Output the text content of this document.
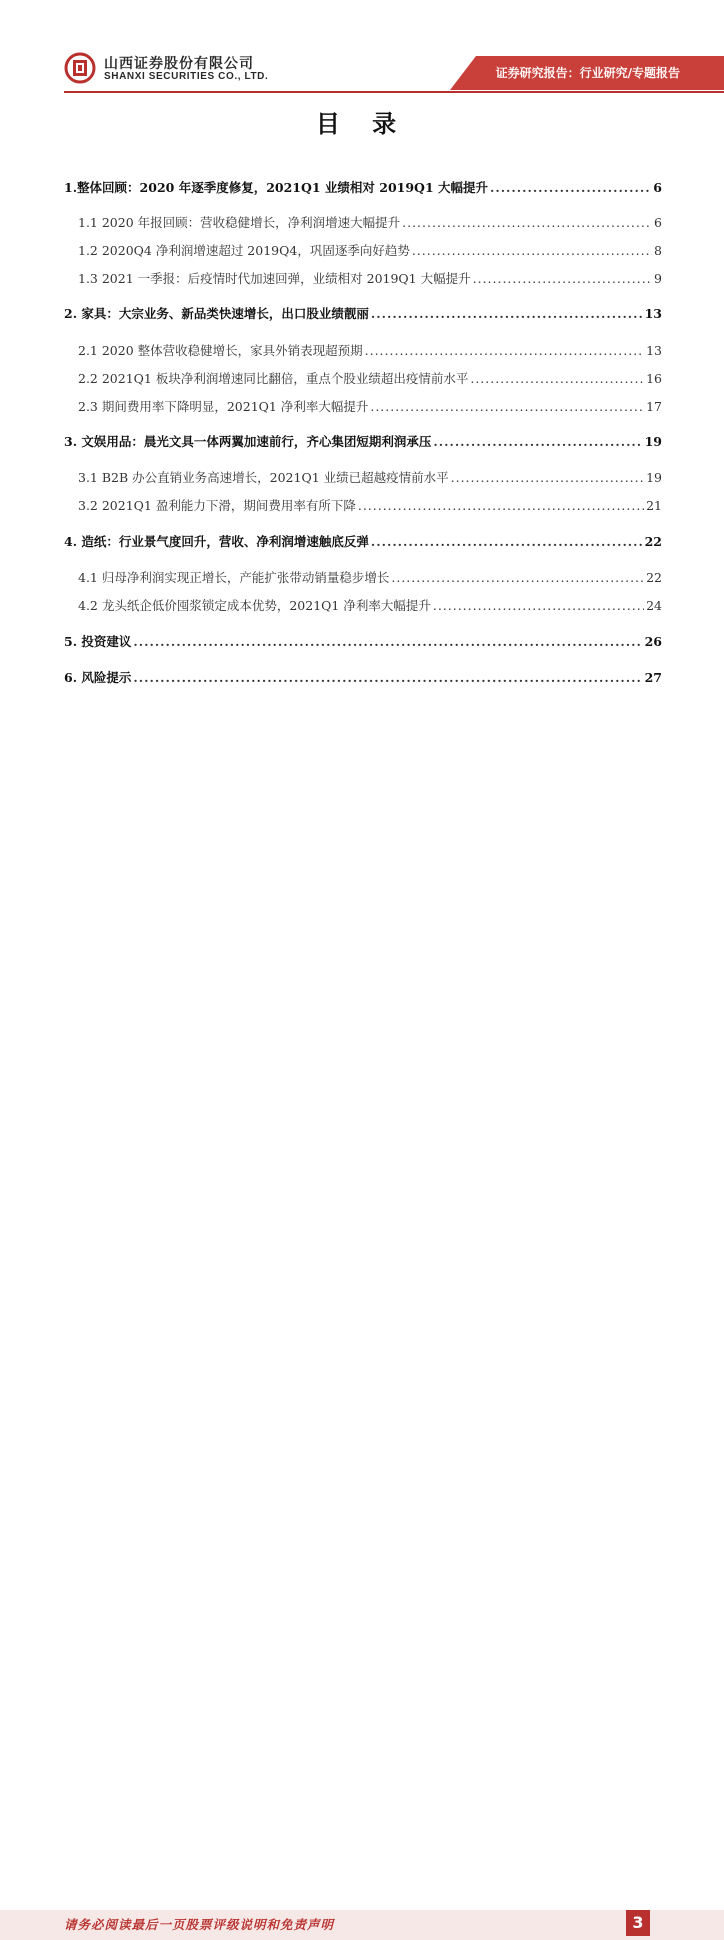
山西证券股份有限公司
SHANXI SECURITIES CO., LTD.	证券研究报告：行业研究/专题报告
目 录
1.整体回顾：2020 年逐季度修复，2021Q1 业绩相对 2019Q1 大幅提升 .....	6
1.1 2020 年报回顾：营收稳健增长，净利润增速大幅提升 .....	6
1.2 2020Q4 净利润增速超过 2019Q4，巩固逐季向好趋势 .....	8
1.3 2021 一季报：后疫情时代加速回弹，业绩相对 2019Q1 大幅提升 .....	9
2. 家具：大宗业务、新品类快速增长，出口股业绩靓丽 .....	13
2.1 2020 整体营收稳健增长，家具外销表现超预期 .....	13
2.2 2021Q1 板块净利润增速同比翻倍，重点个股业绩超出疫情前水平 .....	16
2.3 期间费用率下降明显，2021Q1 净利率大幅提升 .....	17
3. 文娱用品：晨光文具一体两翼加速前行，齐心集团短期利润承压 .....	19
3.1 B2B 办公直销业务高速增长，2021Q1 业绩已超越疫情前水平 .....	19
3.2 2021Q1 盈利能力下滑，期间费用率有所下降 .....	21
4. 造纸：行业景气度回升，营收、净利润增速触底反弹 .....	22
4.1 归母净利润实现正增长，产能扩张带动销量稳步增长 .....	22
4.2 龙头纸企低价囤浆锁定成本优势，2021Q1 净利率大幅提升 .....	24
5. 投资建议 .....	26
6. 风险提示 .....	27
请务必阅读最后一页股票评级说明和免责声明	3
